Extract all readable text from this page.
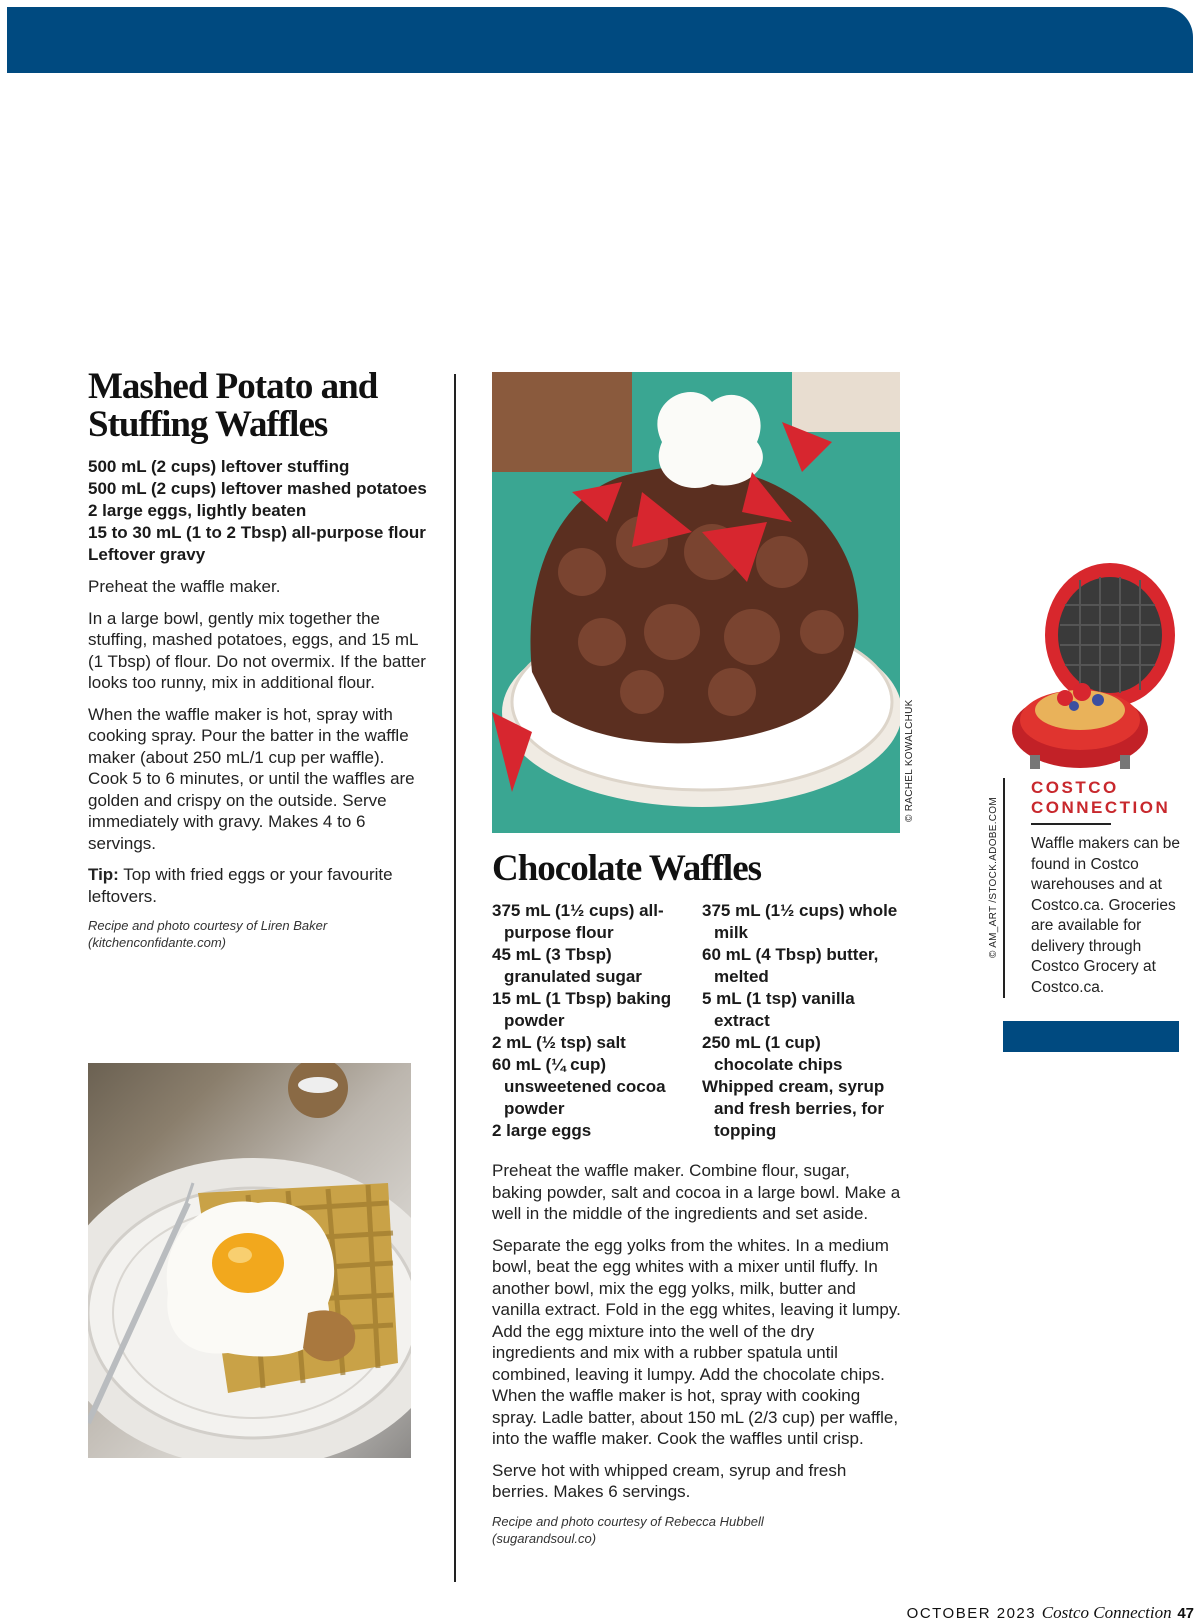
Mashed Potato and
Stuffing Waffles
500 mL (2 cups) leftover stuffing
500 mL (2 cups) leftover mashed potatoes
2 large eggs, lightly beaten
15 to 30 mL (1 to 2 Tbsp) all-purpose flour
Leftover gravy

Preheat the waffle maker.

In a large bowl, gently mix together the stuffing, mashed potatoes, eggs, and 15 mL (1 Tbsp) of flour. Do not overmix. If the batter looks too runny, mix in additional flour.

When the waffle maker is hot, spray with cooking spray. Pour the batter in the waffle maker (about 250 mL/1 cup per waffle). Cook 5 to 6 minutes, or until the waffles are golden and crispy on the outside. Serve immediately with gravy. Makes 4 to 6 servings.

Tip: Top with fried eggs or your favourite leftovers.

Recipe and photo courtesy of Liren Baker
(kitchenconfidante.com)

© RACHEL KOWALCHUK
Chocolate Waffles
375 mL (1½ cups) all-purpose flour
45 mL (3 Tbsp) granulated sugar
15 mL (1 Tbsp) baking powder
2 mL (½ tsp) salt
60 mL (¼ cup) unsweetened cocoa powder
2 large eggs
375 mL (1½ cups) whole milk
60 mL (4 Tbsp) butter, melted
5 mL (1 tsp) vanilla extract
250 mL (1 cup) chocolate chips
Whipped cream, syrup and fresh berries, for topping

Preheat the waffle maker. Combine flour, sugar, baking powder, salt and cocoa in a large bowl. Make a well in the middle of the ingredients and set aside.

Separate the egg yolks from the whites. In a medium bowl, beat the egg whites with a mixer until fluffy. In another bowl, mix the egg yolks, milk, butter and vanilla extract. Fold in the egg whites, leaving it lumpy. Add the egg mixture into the well of the dry ingredients and mix with a rubber spatula until combined, leaving it lumpy. Add the chocolate chips. When the waffle maker is hot, spray with cooking spray. Ladle batter, about 150 mL (2/3 cup) per waffle, into the waffle maker. Cook the waffles until crisp.

Serve hot with whipped cream, syrup and fresh berries. Makes 6 servings.

Recipe and photo courtesy of Rebecca Hubbell
(sugarandsoul.co)

COSTCO
CONNECTION

Waffle makers can be found in Costco warehouses and at Costco.ca. Groceries are available for delivery through Costco Grocery at Costco.ca.

© AM_ART /STOCK.ADOBE.COM
OCTOBER 2023 Costco Connection 47
